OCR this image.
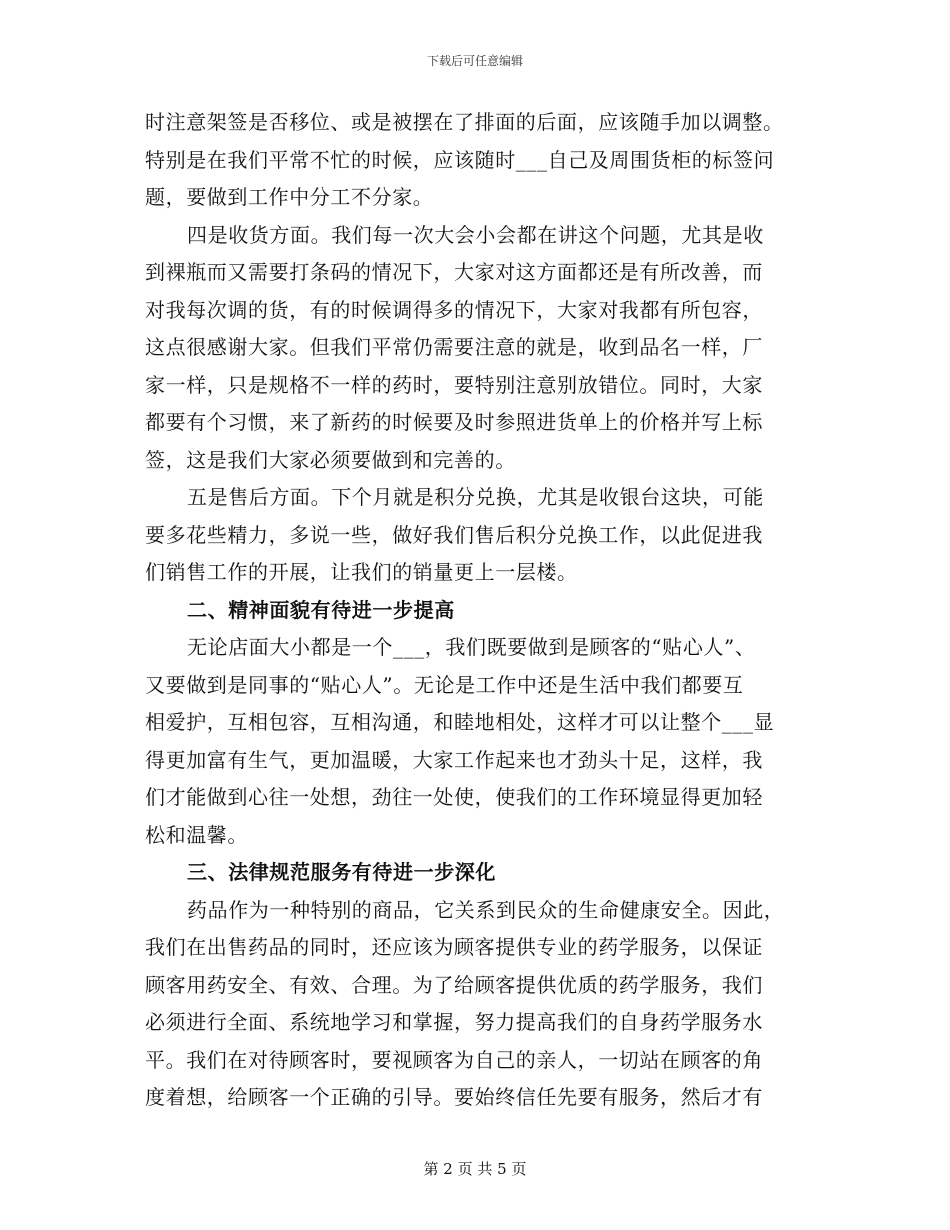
下载后可任意编辑
时注意架签是否移位、或是被摆在了排面的后面，应该随手加以调整。
特别是在我们平常不忙的时候，应该随时___自己及周围货柜的标签问
题，要做到工作中分工不分家。
四是收货方面。我们每一次大会小会都在讲这个问题，尤其是收
到裸瓶而又需要打条码的情况下，大家对这方面都还是有所改善，而
对我每次调的货，有的时候调得多的情况下，大家对我都有所包容，
这点很感谢大家。但我们平常仍需要注意的就是，收到品名一样，厂
家一样，只是规格不一样的药时，要特别注意别放错位。同时，大家
都要有个习惯，来了新药的时候要及时参照进货单上的价格并写上标
签，这是我们大家必须要做到和完善的。
五是售后方面。下个月就是积分兑换，尤其是收银台这块，可能
要多花些精力，多说一些，做好我们售后积分兑换工作，以此促进我
们销售工作的开展，让我们的销量更上一层楼。
二、精神面貌有待进一步提高
无论店面大小都是一个___，我们既要做到是顾客的“贴心人”、
又要做到是同事的“贴心人”。无论是工作中还是生活中我们都要互
相爱护，互相包容，互相沟通，和睦地相处，这样才可以让整个___显
得更加富有生气，更加温暖，大家工作起来也才劲头十足，这样，我
们才能做到心往一处想，劲往一处使，使我们的工作环境显得更加轻
松和温馨。
三、法律规范服务有待进一步深化
药品作为一种特别的商品，它关系到民众的生命健康安全。因此，
我们在出售药品的同时，还应该为顾客提供专业的药学服务，以保证
顾客用药安全、有效、合理。为了给顾客提供优质的药学服务，我们
必须进行全面、系统地学习和掌握，努力提高我们的自身药学服务水
平。我们在对待顾客时，要视顾客为自己的亲人，一切站在顾客的角
度着想，给顾客一个正确的引导。要始终信任先要有服务，然后才有
第 2 页 共 5 页
